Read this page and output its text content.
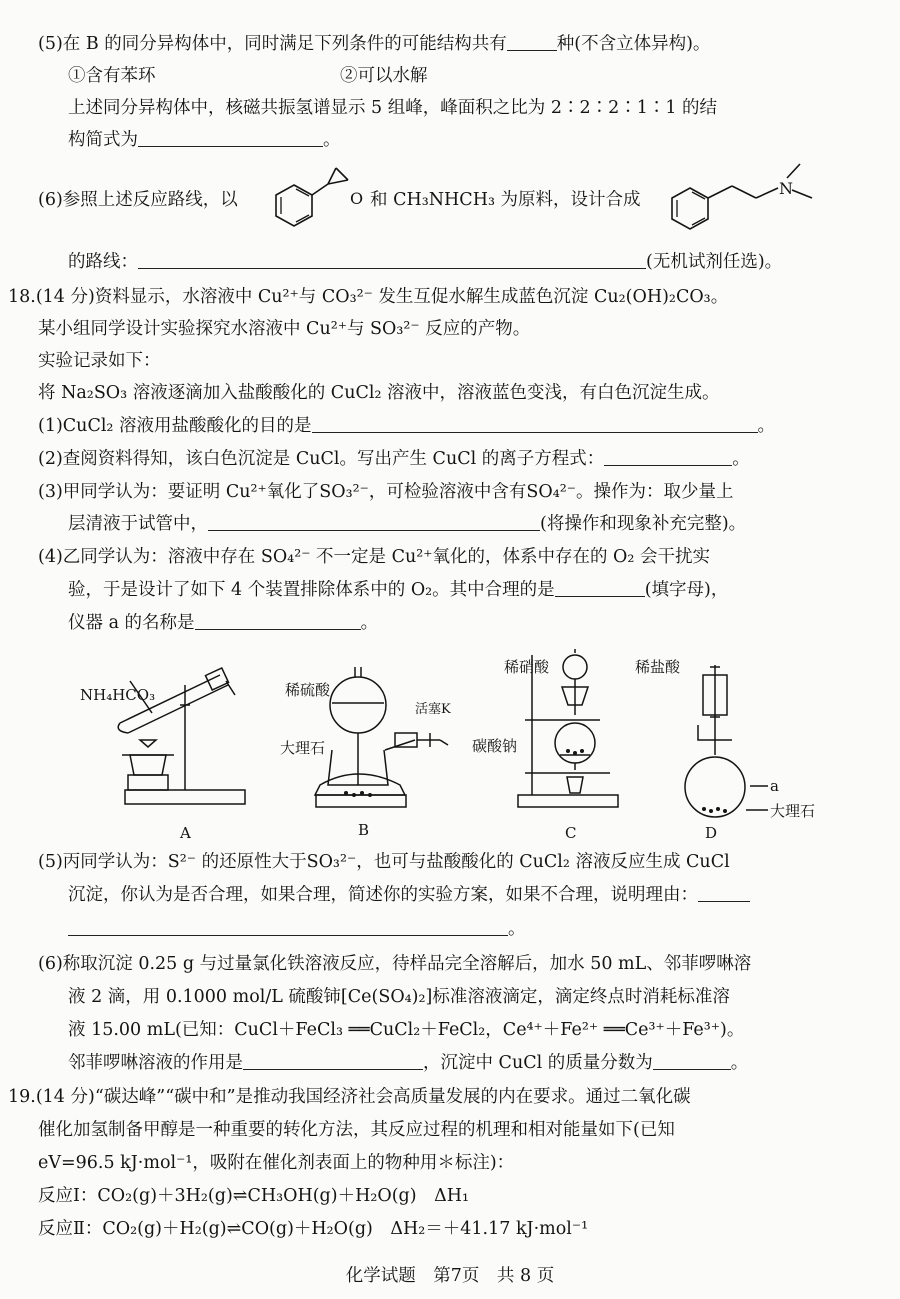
(5)在 B 的同分异构体中，同时满足下列条件的可能结构共有	种(不含立体异构)。
①含有苯环	②可以水解
上述同分异构体中，核磁共振氢谱显示 5 组峰，峰面积之比为 2∶2∶2∶1∶1 的结
构简式为	。
(6)参照上述反应路线，以	O 和 CH₃NHCH₃ 为原料，设计合成
N
的路线：	(无机试剂任选)。
18.(14 分)资料显示，水溶液中 Cu²⁺与 CO₃²⁻ 发生互促水解生成蓝色沉淀 Cu₂(OH)₂CO₃。
某小组同学设计实验探究水溶液中 Cu²⁺与 SO₃²⁻ 反应的产物。
实验记录如下：
将 Na₂SO₃ 溶液逐滴加入盐酸酸化的 CuCl₂ 溶液中，溶液蓝色变浅，有白色沉淀生成。
(1)CuCl₂ 溶液用盐酸酸化的目的是	。
(2)查阅资料得知，该白色沉淀是 CuCl。写出产生 CuCl 的离子方程式：	。
(3)甲同学认为：要证明 Cu²⁺氧化了SO₃²⁻，可检验溶液中含有SO₄²⁻。操作为：取少量上
层清液于试管中，	(将操作和现象补充完整)。
(4)乙同学认为：溶液中存在 SO₄²⁻ 不一定是 Cu²⁺氧化的，体系中存在的 O₂ 会干扰实
验，于是设计了如下 4 个装置排除体系中的 O₂。其中合理的是	(填字母)，
仪器 a 的名称是	。
NH₄HCO₃
A
稀硫酸
活塞K
大理石
B
稀硝酸
碳酸钠
C
稀盐酸
a
大理石
D
(5)丙同学认为：S²⁻ 的还原性大于SO₃²⁻，也可与盐酸酸化的 CuCl₂ 溶液反应生成 CuCl
沉淀，你认为是否合理，如果合理，简述你的实验方案，如果不合理，说明理由：
。
(6)称取沉淀 0.25 g 与过量氯化铁溶液反应，待样品完全溶解后，加水 50 mL、邻菲啰啉溶
液 2 滴，用 0.1000 mol/L 硫酸铈[Ce(SO₄)₂]标准溶液滴定，滴定终点时消耗标准溶
液 15.00 mL(已知：CuCl＋FeCl₃ ══CuCl₂＋FeCl₂，Ce⁴⁺＋Fe²⁺ ══Ce³⁺＋Fe³⁺)。
邻菲啰啉溶液的作用是	，沉淀中 CuCl 的质量分数为	。
19.(14 分)“碳达峰”“碳中和”是推动我国经济社会高质量发展的内在要求。通过二氧化碳
催化加氢制备甲醇是一种重要的转化方法，其反应过程的机理和相对能量如下(已知
eV=96.5 kJ·mol⁻¹，吸附在催化剂表面上的物种用＊标注)：
反应Ⅰ：CO₂(g)＋3H₂(g)⇌CH₃OH(g)＋H₂O(g)　ΔH₁
反应Ⅱ：CO₂(g)＋H₂(g)⇌CO(g)＋H₂O(g)　ΔH₂＝＋41.17 kJ·mol⁻¹
化学试题　第7页　共 8 页
